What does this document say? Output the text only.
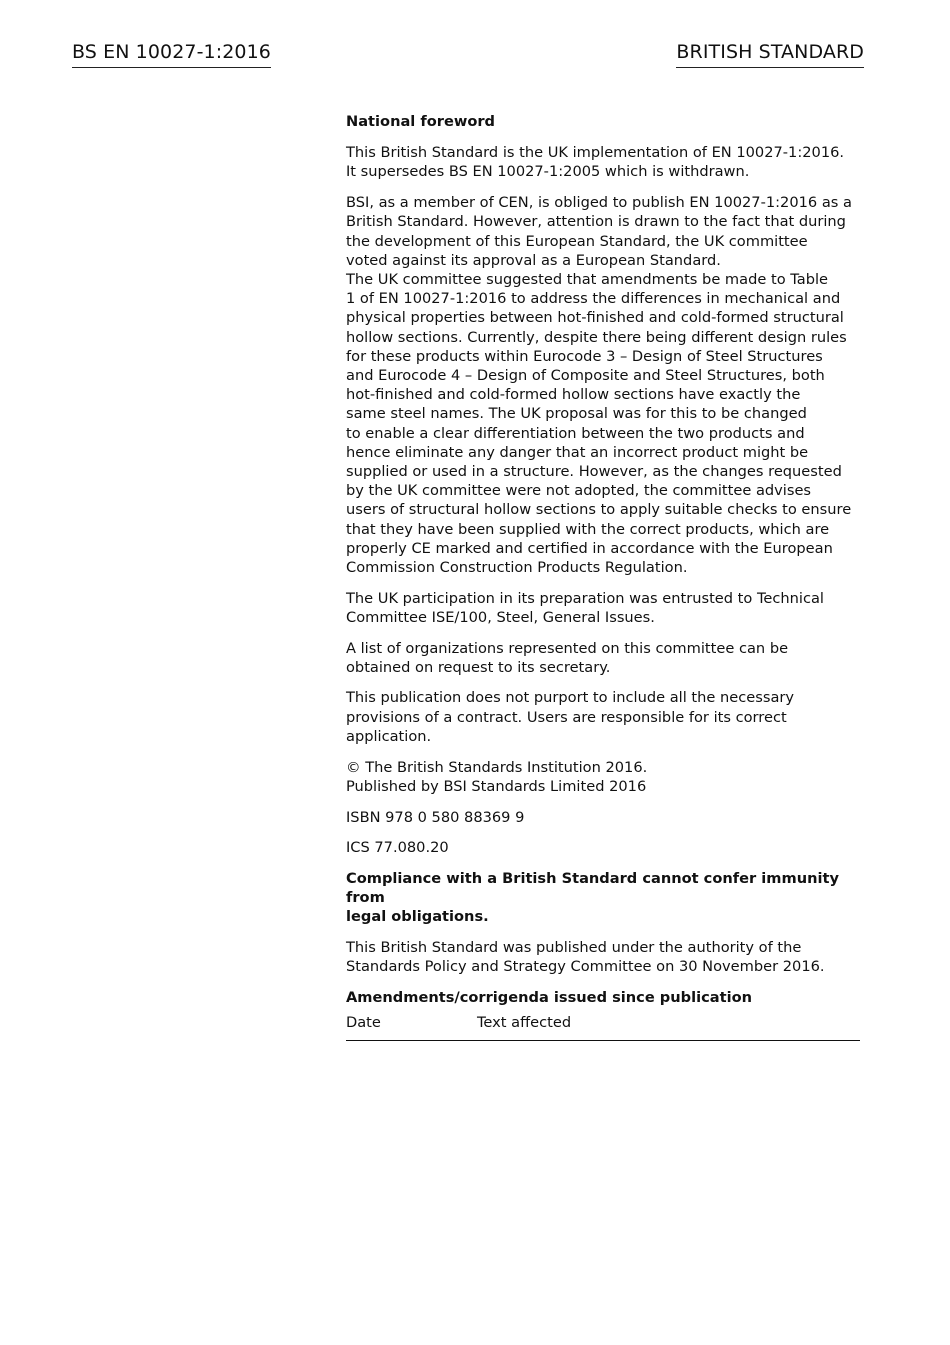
BS EN 10027-1:2016	BRITISH STANDARD
National foreword

This British Standard is the UK implementation of EN 10027-1:2016.
It supersedes BS EN 10027-1:2005 which is withdrawn.

BSI, as a member of CEN, is obliged to publish EN 10027-1:2016 as a
British Standard. However, attention is drawn to the fact that during
the development of this European Standard, the UK committee
voted against its approval as a European Standard.
The UK committee suggested that amendments be made to Table
1 of EN 10027-1:2016 to address the differences in mechanical and
physical properties between hot-finished and cold-formed structural
hollow sections. Currently, despite there being different design rules
for these products within Eurocode 3 – Design of Steel Structures
and Eurocode 4 – Design of Composite and Steel Structures, both
hot-finished and cold-formed hollow sections have exactly the
same steel names. The UK proposal was for this to be changed
to enable a clear differentiation between the two products and
hence eliminate any danger that an incorrect product might be
supplied or used in a structure. However, as the changes requested
by the UK committee were not adopted, the committee advises
users of structural hollow sections to apply suitable checks to ensure
that they have been supplied with the correct products, which are
properly CE marked and certified in accordance with the European
Commission Construction Products Regulation.

The UK participation in its preparation was entrusted to Technical
Committee ISE/100, Steel, General Issues.

A list of organizations represented on this committee can be
obtained on request to its secretary.

This publication does not purport to include all the necessary
provisions of a contract. Users are responsible for its correct
application.

© The British Standards Institution 2016.
Published by BSI Standards Limited 2016

ISBN 978 0 580 88369 9

ICS 77.080.20

Compliance with a British Standard cannot confer immunity from
legal obligations.

This British Standard was published under the authority of the
Standards Policy and Strategy Committee on 30 November 2016.

Amendments/corrigenda issued since publication
Date	Text affected
